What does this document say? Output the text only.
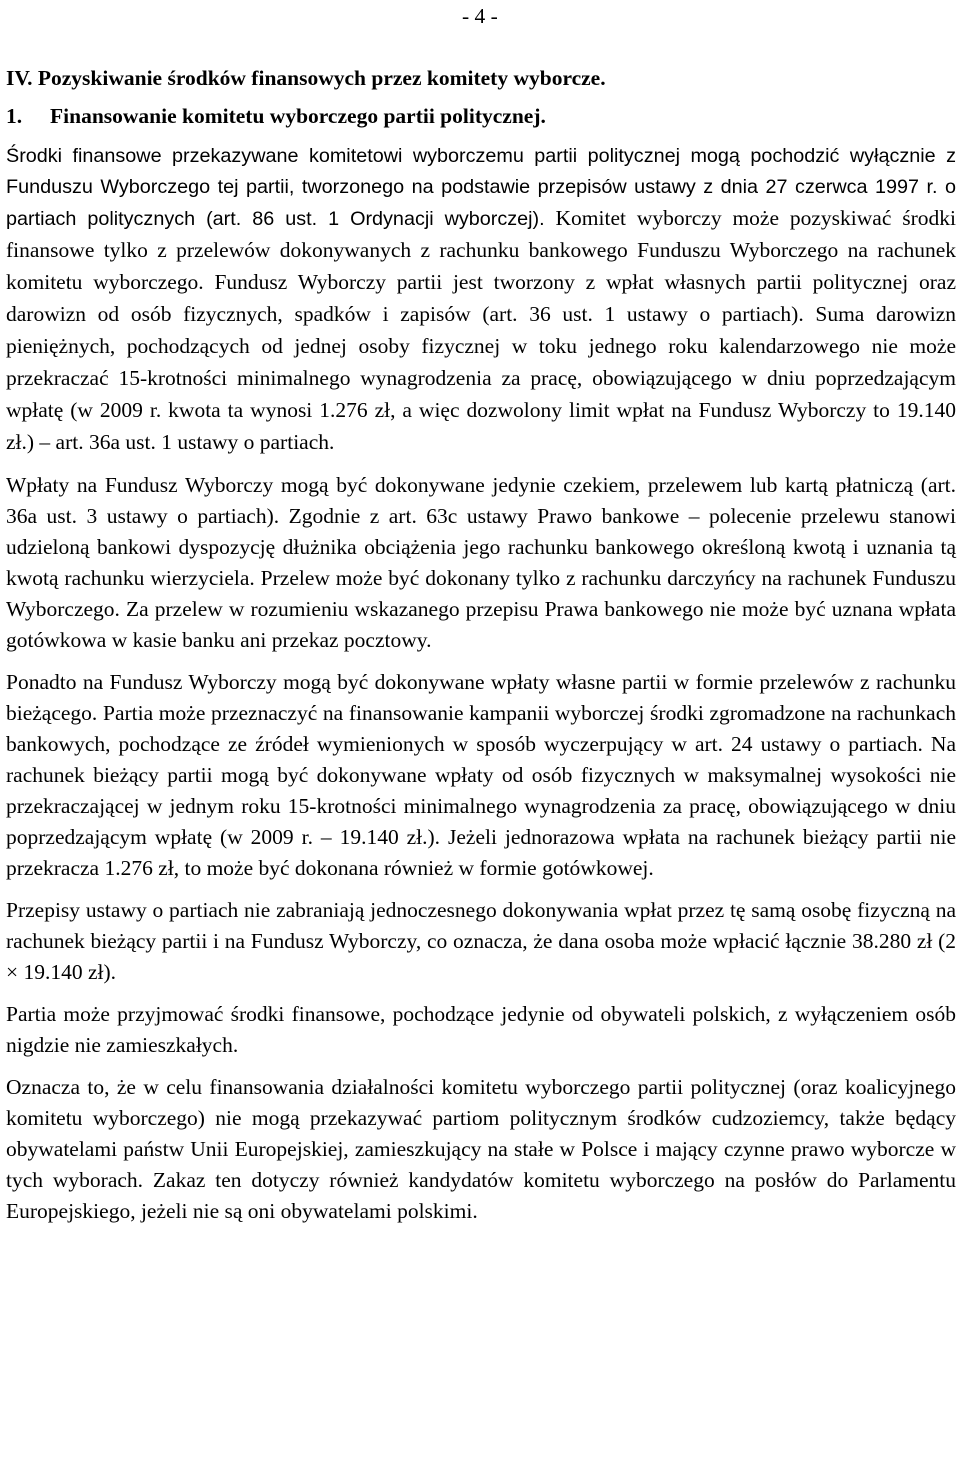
- 4 -

IV. Pozyskiwanie środków finansowych przez komitety wyborcze.
1. Finansowanie komitetu wyborczego partii politycznej.

Środki finansowe przekazywane komitetowi wyborczemu partii politycznej mogą pochodzić wyłącznie z Funduszu Wyborczego tej partii, tworzonego na podstawie przepisów ustawy z dnia 27 czerwca 1997 r. o partiach politycznych (art. 86 ust. 1 Ordynacji wyborczej). Komitet wyborczy może pozyskiwać środki finansowe tylko z przelewów dokonywanych z rachunku bankowego Funduszu Wyborczego na rachunek komitetu wyborczego. Fundusz Wyborczy partii jest tworzony z wpłat własnych partii politycznej oraz darowizn od osób fizycznych, spadków i zapisów (art. 36 ust. 1 ustawy o partiach). Suma darowizn pieniężnych, pochodzących od jednej osoby fizycznej w toku jednego roku kalendarzowego nie może przekraczać 15-krotności minimalnego wynagrodzenia za pracę, obowiązującego w dniu poprzedzającym wpłatę (w 2009 r. kwota ta wynosi 1.276 zł, a więc dozwolony limit wpłat na Fundusz Wyborczy to 19.140 zł.) – art. 36a ust. 1 ustawy o partiach.

Wpłaty na Fundusz Wyborczy mogą być dokonywane jedynie czekiem, przelewem lub kartą płatniczą (art. 36a ust. 3 ustawy o partiach). Zgodnie z art. 63c ustawy Prawo bankowe – polecenie przelewu stanowi udzieloną bankowi dyspozycję dłużnika obciążenia jego rachunku bankowego określoną kwotą i uznania tą kwotą rachunku wierzyciela. Przelew może być dokonany tylko z rachunku darczyńcy na rachunek Funduszu Wyborczego. Za przelew w rozumieniu wskazanego przepisu Prawa bankowego nie może być uznana wpłata gotówkowa w kasie banku ani przekaz pocztowy.

Ponadto na Fundusz Wyborczy mogą być dokonywane wpłaty własne partii w formie przelewów z rachunku bieżącego. Partia może przeznaczyć na finansowanie kampanii wyborczej środki zgromadzone na rachunkach bankowych, pochodzące ze źródeł wymienionych w sposób wyczerpujący w art. 24 ustawy o partiach. Na rachunek bieżący partii mogą być dokonywane wpłaty od osób fizycznych w maksymalnej wysokości nie przekraczającej w jednym roku 15-krotności minimalnego wynagrodzenia za pracę, obowiązującego w dniu poprzedzającym wpłatę (w 2009 r. – 19.140 zł.). Jeżeli jednorazowa wpłata na rachunek bieżący partii nie przekracza 1.276 zł, to może być dokonana również w formie gotówkowej.

Przepisy ustawy o partiach nie zabraniają jednoczesnego dokonywania wpłat przez tę samą osobę fizyczną na rachunek bieżący partii i na Fundusz Wyborczy, co oznacza, że dana osoba może wpłacić łącznie 38.280 zł (2 × 19.140 zł).

Partia może przyjmować środki finansowe, pochodzące jedynie od obywateli polskich, z wyłączeniem osób nigdzie nie zamieszkałych.

Oznacza to, że w celu finansowania działalności komitetu wyborczego partii politycznej (oraz koalicyjnego komitetu wyborczego) nie mogą przekazywać partiom politycznym środków cudzoziemcy, także będący obywatelami państw Unii Europejskiej, zamieszkujący na stałe w Polsce i mający czynne prawo wyborcze w tych wyborach. Zakaz ten dotyczy również kandydatów komitetu wyborczego na posłów do Parlamentu Europejskiego, jeżeli nie są oni obywatelami polskimi.
